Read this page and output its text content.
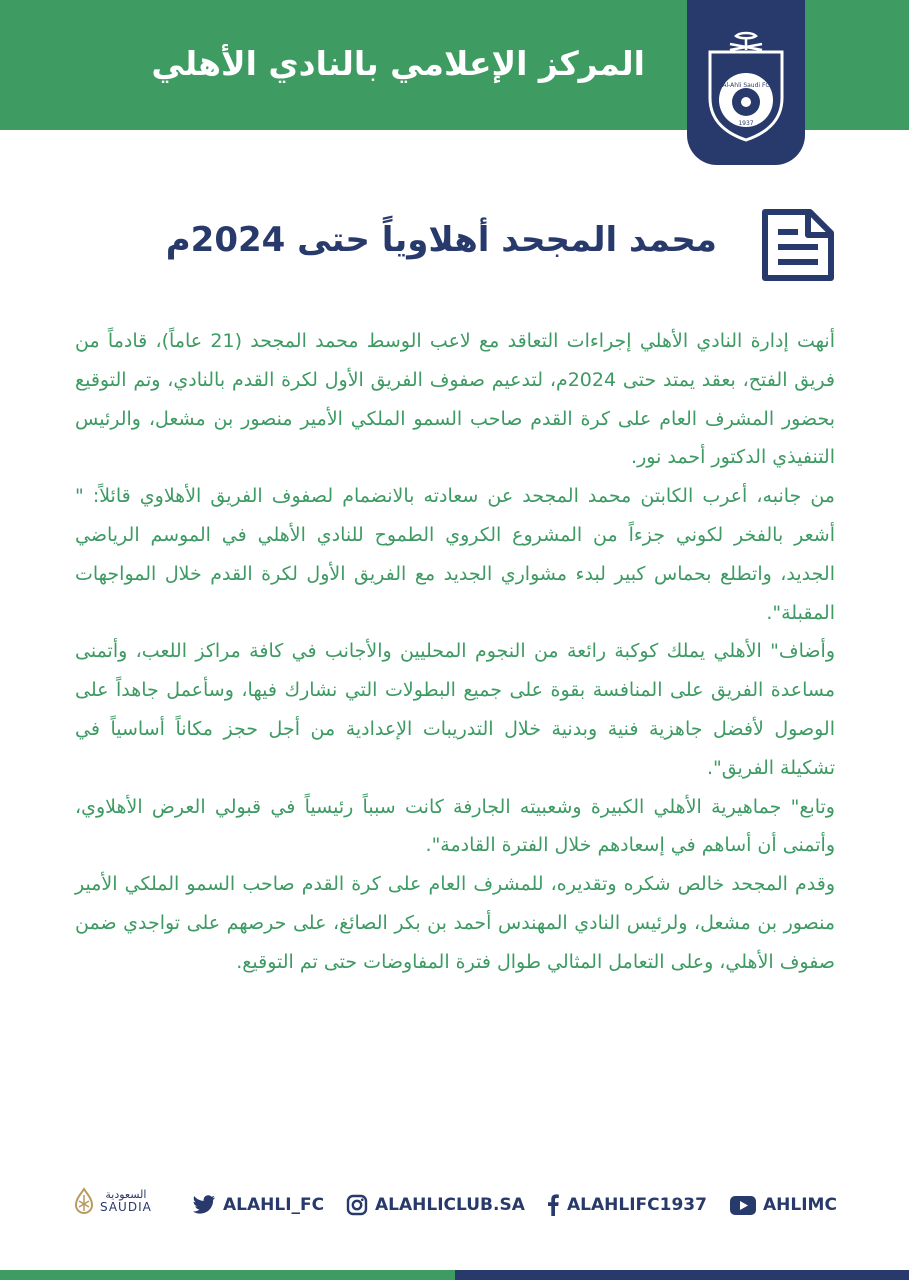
المركز الإعلامي بالنادي الأهلي
Al-Ahli Saudi FC
1937
محمد المجحد أهلاوياً حتى 2024م

أنهت إدارة النادي الأهلي إجراءات التعاقد مع لاعب الوسط محمد المجحد (21 عاماً)، قادماً من فريق الفتح، بعقد يمتد حتى 2024م، لتدعيم صفوف الفريق الأول لكرة القدم بالنادي، وتم التوقيع بحضور المشرف العام على كرة القدم صاحب السمو الملكي الأمير منصور بن مشعل، والرئيس التنفيذي الدكتور أحمد نور.

من جانبه، أعرب الكابتن محمد المجحد عن سعادته بالانضمام لصفوف الفريق الأهلاوي قائلاً: " أشعر بالفخر لكوني جزءاً من المشروع الكروي الطموح للنادي الأهلي في الموسم الرياضي الجديد، واتطلع بحماس كبير لبدء مشواري الجديد مع الفريق الأول لكرة القدم خلال المواجهات المقبلة".

وأضاف" الأهلي يملك كوكبة رائعة من النجوم المحليين والأجانب في كافة مراكز اللعب، وأتمنى مساعدة الفريق على المنافسة بقوة على جميع البطولات التي نشارك فيها، وسأعمل جاهداً على الوصول لأفضل جاهزية فنية وبدنية خلال التدريبات الإعدادية من أجل حجز مكاناً أساسياً في تشكيلة الفريق".

وتابع" جماهيرية الأهلي الكبيرة وشعبيته الجارفة كانت سبباً رئيسياً في قبولي العرض الأهلاوي، وأتمنى أن أساهم في إسعادهم خلال الفترة القادمة".

وقدم المجحد خالص شكره وتقديره، للمشرف العام على كرة القدم صاحب السمو الملكي الأمير منصور بن مشعل، ولرئيس النادي المهندس أحمد بن بكر الصائغ، على حرصهم على تواجدي ضمن صفوف الأهلي، وعلى التعامل المثالي طوال فترة المفاوضات حتى تم التوقيع.

السعودية
SAUDIA	ALAHLI_FC	ALAHLICLUB.SA ALAHLIFC1937	AHLIMC
